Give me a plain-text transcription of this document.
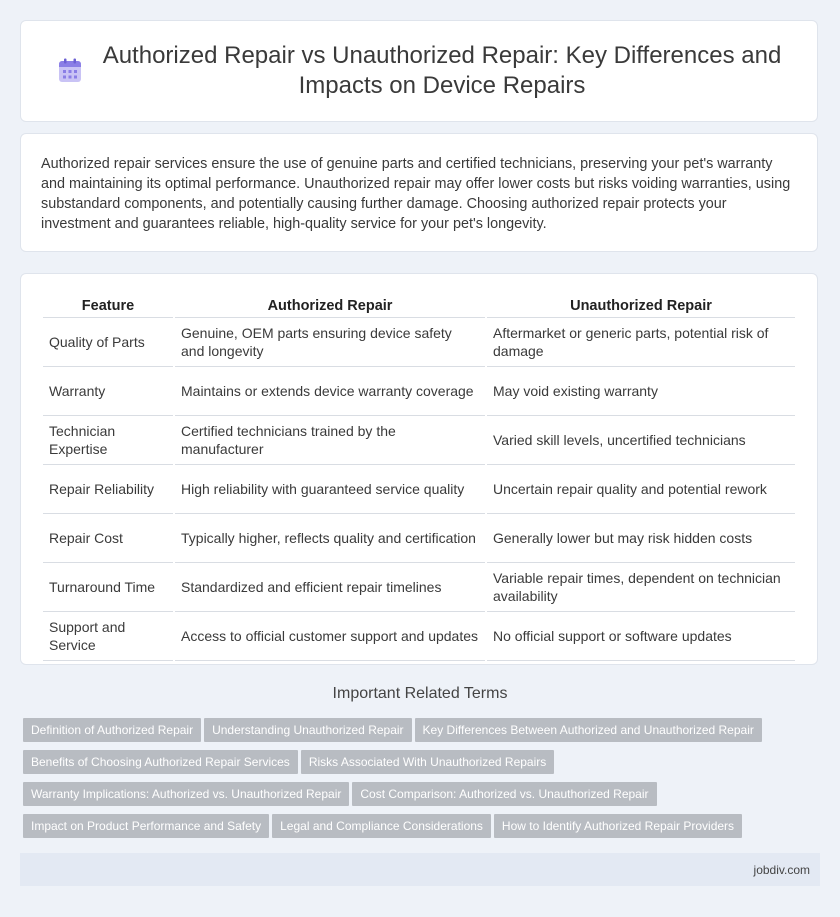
Authorized Repair vs Unauthorized Repair: Key Differences and Impacts on Device Repairs

Authorized repair services ensure the use of genuine parts and certified technicians, preserving your pet's warranty and maintaining its optimal performance. Unauthorized repair may offer lower costs but risks voiding warranties, using substandard components, and potentially causing further damage. Choosing authorized repair protects your investment and guarantees reliable, high-quality service for your pet's longevity.

Feature	Authorized Repair	Unauthorized Repair
Quality of Parts	Genuine, OEM parts ensuring device safety and longevity	Aftermarket or generic parts, potential risk of damage
Warranty	Maintains or extends device warranty coverage	May void existing warranty
Technician Expertise	Certified technicians trained by the manufacturer	Varied skill levels, uncertified technicians
Repair Reliability	High reliability with guaranteed service quality	Uncertain repair quality and potential rework
Repair Cost	Typically higher, reflects quality and certification	Generally lower but may risk hidden costs
Turnaround Time	Standardized and efficient repair timelines	Variable repair times, dependent on technician availability
Support and Service	Access to official customer support and updates	No official support or software updates
Important Related Terms
Definition of Authorized Repair Understanding Unauthorized Repair Key Differences Between Authorized and Unauthorized Repair
Benefits of Choosing Authorized Repair Services Risks Associated With Unauthorized Repairs
Warranty Implications: Authorized vs. Unauthorized Repair Cost Comparison: Authorized vs. Unauthorized Repair
Impact on Product Performance and Safety Legal and Compliance Considerations How to Identify Authorized Repair Providers
jobdiv.com
